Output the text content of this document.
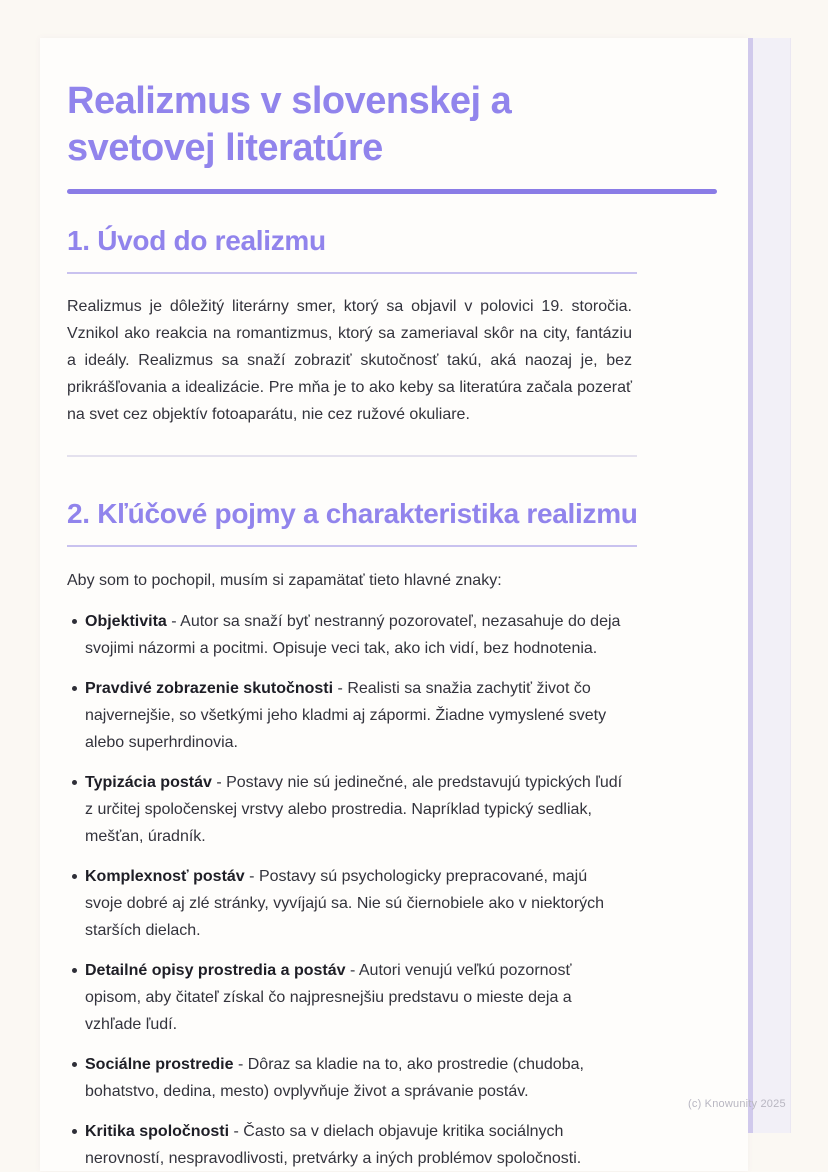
Realizmus v slovenskej a svetovej literatúre
1. Úvod do realizmu

Realizmus je dôležitý literárny smer, ktorý sa objavil v polovici 19. storočia. Vznikol ako reakcia na romantizmus, ktorý sa zameriaval skôr na city, fantáziu a ideály. Realizmus sa snaží zobraziť skutočnosť takú, aká naozaj je, bez prikrášľovania a idealizácie. Pre mňa je to ako keby sa literatúra začala pozerať na svet cez objektív fotoaparátu, nie cez ružové okuliare.

2. Kľúčové pojmy a charakteristika realizmu

Aby som to pochopil, musím si zapamätať tieto hlavné znaky:

Objektivita - Autor sa snaží byť nestranný pozorovateľ, nezasahuje do deja svojimi názormi a pocitmi. Opisuje veci tak, ako ich vidí, bez hodnotenia.
Pravdivé zobrazenie skutočnosti - Realisti sa snažia zachytiť život čo najvernejšie, so všetkými jeho kladmi aj zápormi. Žiadne vymyslené svety alebo superhrdinovia.
Typizácia postáv - Postavy nie sú jedinečné, ale predstavujú typických ľudí z určitej spoločenskej vrstvy alebo prostredia. Napríklad typický sedliak, mešťan, úradník.
Komplexnosť postáv - Postavy sú psychologicky prepracované, majú svoje dobré aj zlé stránky, vyvíjajú sa. Nie sú čiernobiele ako v niektorých starších dielach.
Detailné opisy prostredia a postáv - Autori venujú veľkú pozornosť opisom, aby čitateľ získal čo najpresnejšiu predstavu o mieste deja a vzhľade ľudí.
Sociálne prostredie - Dôraz sa kladie na to, ako prostredie (chudoba, bohatstvo, dedina, mesto) ovplyvňuje život a správanie postáv.
Kritika spoločnosti - Často sa v dielach objavuje kritika sociálnych nerovností, nespravodlivosti, pretvárky a iných problémov spoločnosti.
(c) Knowunity 2025
